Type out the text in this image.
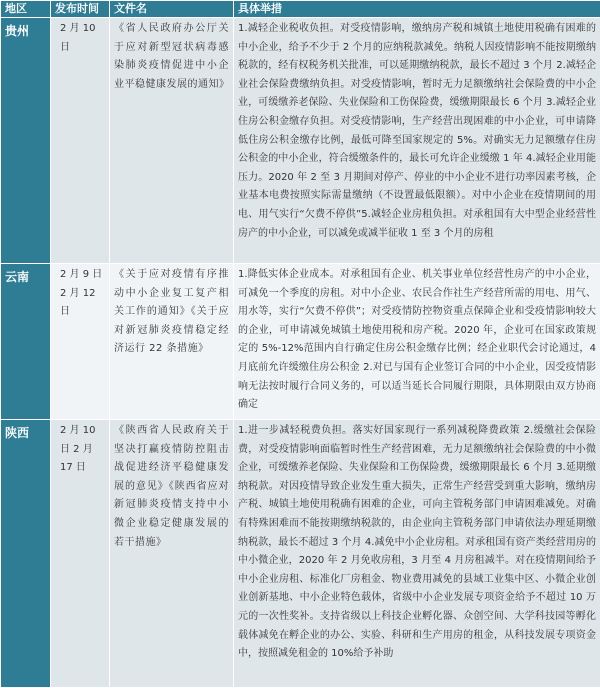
地区	发布时间	文件名	具体举措
贵州	2 月 10 日	《省人民政府办公厅关于应对新型冠状病毒感染肺炎疫情促进中小企业平稳健康发展的通知》	1.减轻企业税收负担。对受疫情影响，缴纳房产税和城镇土地使用税确有困难的中小企业，给予不少于 2 个月的应纳税款减免。纳税人因疫情影响不能按期缴纳税款的，经有权税务机关批准，可以延期缴纳税款，最长不超过 3 个月 2.减轻企业社会保险费缴纳负担。对受疫情影响，暂时无力足额缴纳社会保险费的中小企业，可缓缴养老保险、失业保险和工伤保险费，缓缴期限最长 6 个月 3.减轻企业住房公积金缴存负担。对受疫情影响，生产经营出现困难的中小企业，可申请降低住房公积金缴存比例，最低可降至国家规定的 5%。对确实无力足额缴存住房公积金的中小企业，符合缓缴条件的，最长可允许企业缓缴 1 年 4.减轻企业用能压力。2020 年 2 至 3 月期间对停产、停业的中小企业不进行功率因素考核，企业基本电费按照实际需量缴纳（不设置最低限额）。对中小企业在疫情期间的用电、用气实行“欠费不停供”5.减轻企业房租负担。对承租国有大中型企业经营性房产的中小企业，可以减免或减半征收 1 至 3 个月的房租
云南	2 月 9 日 2 月 12 日	《关于应对疫情有序推动中小企业复工复产相关工作的通知》《关于应对新冠肺炎疫情稳定经济运行 22 条措施》	1.降低实体企业成本。对承租国有企业、机关事业单位经营性房产的中小企业，可减免一个季度的房租。对中小企业、农民合作社生产经营所需的用电、用气、用水等，实行“欠费不停供”；对受疫情防控物资重点保障企业和受疫情影响较大的企业，可申请减免城镇土地使用税和房产税。2020 年，企业可在国家政策规定的 5%-12%范围内自行确定住房公积金缴存比例；经企业职代会讨论通过，4 月底前允许缓缴住房公积金 2.对已与国有企业签订合同的中小企业，因受疫情影响无法按时履行合同义务的，可以适当延长合同履行期限，具体期限由双方协商确定
陕西	2 月 10 日 2 月 17 日	《陕西省人民政府关于坚决打赢疫情防控阻击战促进经济平稳健康发展的意见》《陕西省应对新冠肺炎疫情支持中小微企业稳定健康发展的若干措施》	1.进一步减轻税费负担。落实好国家现行一系列减税降费政策 2.缓缴社会保险费，对受疫情影响面临暂时性生产经营困难，无力足额缴纳社会保险费的中小微企业，可缓缴养老保险、失业保险和工伤保险费，缓缴期限最长 6 个月 3.延期缴纳税款。对因疫情导致企业发生重大损失，正常生产经营受到重大影响，缴纳房产税、城镇土地使用税确有困难的企业，可向主管税务部门申请困难减免。对确有特殊困难而不能按期缴纳税款的，由企业向主管税务部门申请依法办理延期缴纳税款，最长不超过 3 个月 4.减免中小企业房租。对承租国有资产类经营用房的中小微企业，2020 年 2 月免收房租，3 月至 4 月房租减半。对在疫情期间给予中小企业房租、标准化厂房租金、物业费用减免的县域工业集中区、小微企业创业创新基地、中小企业特色载体，省级中小企业发展专项资金给予不超过 10 万元的一次性奖补。支持省级以上科技企业孵化器、众创空间、大学科技园等孵化载体减免在孵企业的办公、实验、科研和生产用房的租金，从科技发展专项资金中，按照减免租金的 10%给予补助
